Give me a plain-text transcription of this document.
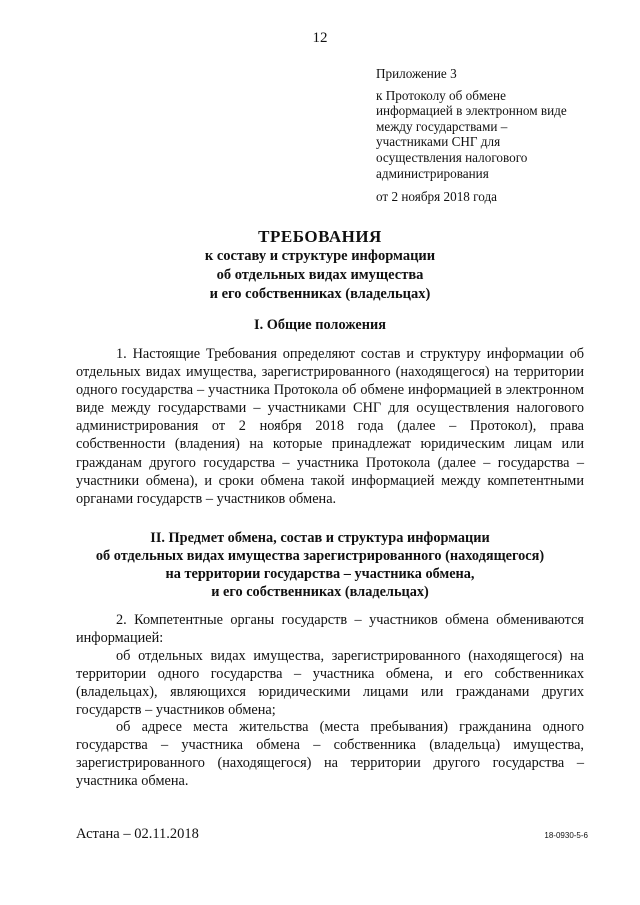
12
Приложение 3
к Протоколу об обмене
информацией в электронном виде
между государствами –
участниками СНГ для
осуществления налогового
администрирования
от 2 ноября 2018 года
ТРЕБОВАНИЯ
к составу и структуре информации
об отдельных видах имущества
и его собственниках (владельцах)
I. Общие положения
1. Настоящие Требования определяют состав и структуру информации об отдельных видах имущества, зарегистрированного (находящегося) на территории одного государства – участника Протокола об обмене информацией в электронном виде между государствами – участниками СНГ для осуществления налогового администрирования от 2 ноября 2018 года (далее – Протокол), права собственности (владения) на которые принадлежат юридическим лицам или гражданам другого государства – участника Протокола (далее – государства – участники обмена), и сроки обмена такой информацией между компетентными органами государств – участников обмена.
II. Предмет обмена, состав и структура информации
об отдельных видах имущества зарегистрированного (находящегося)
на территории государства – участника обмена,
и его собственниках (владельцах)
2. Компетентные органы государств – участников обмена обмениваются информацией:
об отдельных видах имущества, зарегистрированного (находящегося) на территории одного государства – участника обмена, и его собственниках (владельцах), являющихся юридическими лицами или гражданами других государств – участников обмена;
об адресе места жительства (места пребывания) гражданина одного государства – участника обмена – собственника (владельца) имущества, зарегистрированного (находящегося) на территории другого государства – участника обмена.
Астана – 02.11.2018	18-0930-5-6
